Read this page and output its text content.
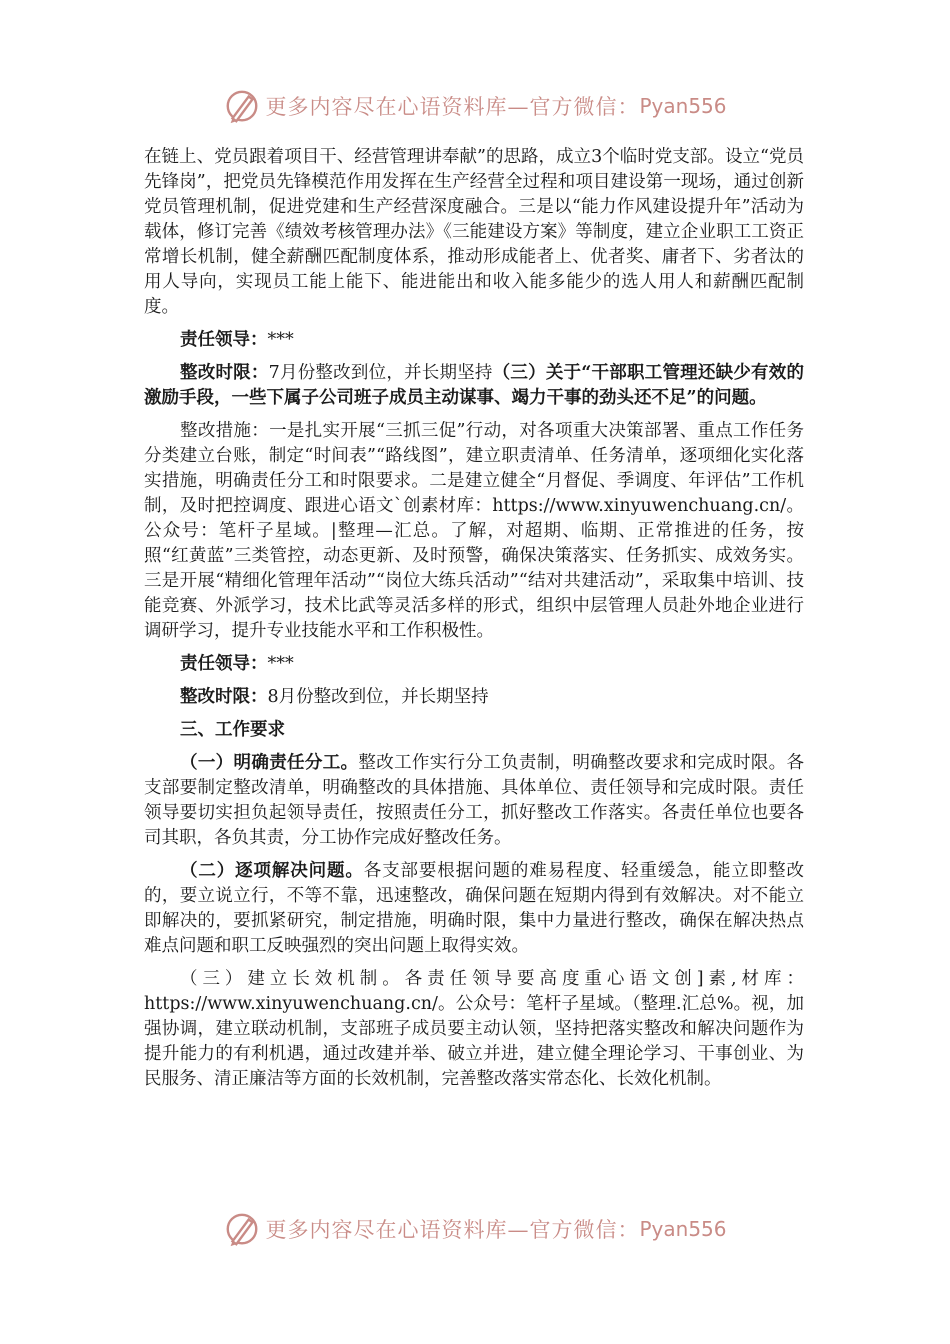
更多内容尽在心语资料库—官方微信： Pyan556

在链上、党员跟着项目干、经营管理讲奉献”的思路，成立3个临时党支部。设立“党员先锋岗”，把党员先锋模范作用发挥在生产经营全过程和项目建设第一现场，通过创新党员管理机制，促进党建和生产经营深度融合。三是以“能力作风建设提升年”活动为载体，修订完善《绩效考核管理办法》《三能建设方案》等制度，建立企业职工工资正常增长机制，健全薪酬匹配制度体系，推动形成能者上、优者奖、庸者下、劣者汰的用人导向，实现员工能上能下、能进能出和收入能多能少的选人用人和薪酬匹配制度。

责任领导：***

整改时限：7月份整改到位，并长期坚持（三）关于“干部职工管理还缺少有效的激励手段，一些下属子公司班子成员主动谋事、竭力干事的劲头还不足”的问题。

整改措施：一是扎实开展“三抓三促”行动，对各项重大决策部署、重点工作任务分类建立台账，制定“时间表”“路线图”，建立职责清单、任务清单，逐项细化实化落实措施，明确责任分工和时限要求。二是建立健全“月督促、季调度、年评估”工作机制，及时把控调度、跟进心语文`创素材库：https://www.xinyuwenchuang.cn/。公众号：笔杆子星域。|整理—汇总。了解，对超期、临期、正常推进的任务，按照“红黄蓝”三类管控，动态更新、及时预警，确保决策落实、任务抓实、成效务实。三是开展“精细化管理年活动”“岗位大练兵活动”“结对共建活动”，采取集中培训、技能竞赛、外派学习，技术比武等灵活多样的形式，组织中层管理人员赴外地企业进行调研学习，提升专业技能水平和工作积极性。

责任领导：***

整改时限：8月份整改到位，并长期坚持

三、工作要求

（一）明确责任分工。整改工作实行分工负责制，明确整改要求和完成时限。各支部要制定整改清单，明确整改的具体措施、具体单位、责任领导和完成时限。责任领导要切实担负起领导责任，按照责任分工，抓好整改工作落实。各责任单位也要各司其职，各负其责，分工协作完成好整改任务。

（二）逐项解决问题。各支部要根据问题的难易程度、轻重缓急，能立即整改的，要立说立行，不等不靠，迅速整改，确保问题在短期内得到有效解决。对不能立即解决的，要抓紧研究，制定措施，明确时限，集中力量进行整改，确保在解决热点难点问题和职工反映强烈的突出问题上取得实效。

（三）建立长效机制。各责任领导要高度重心语文创]素,材库：https://www.xinyuwenchuang.cn/。公众号：笔杆子星域。（整理.汇总%。视，加强协调，建立联动机制，支部班子成员要主动认领，坚持把落实整改和解决问题作为提升能力的有利机遇，通过改建并举、破立并进，建立健全理论学习、干事创业、为民服务、清正廉洁等方面的长效机制，完善整改落实常态化、长效化机制。

更多内容尽在心语资料库—官方微信： Pyan556
